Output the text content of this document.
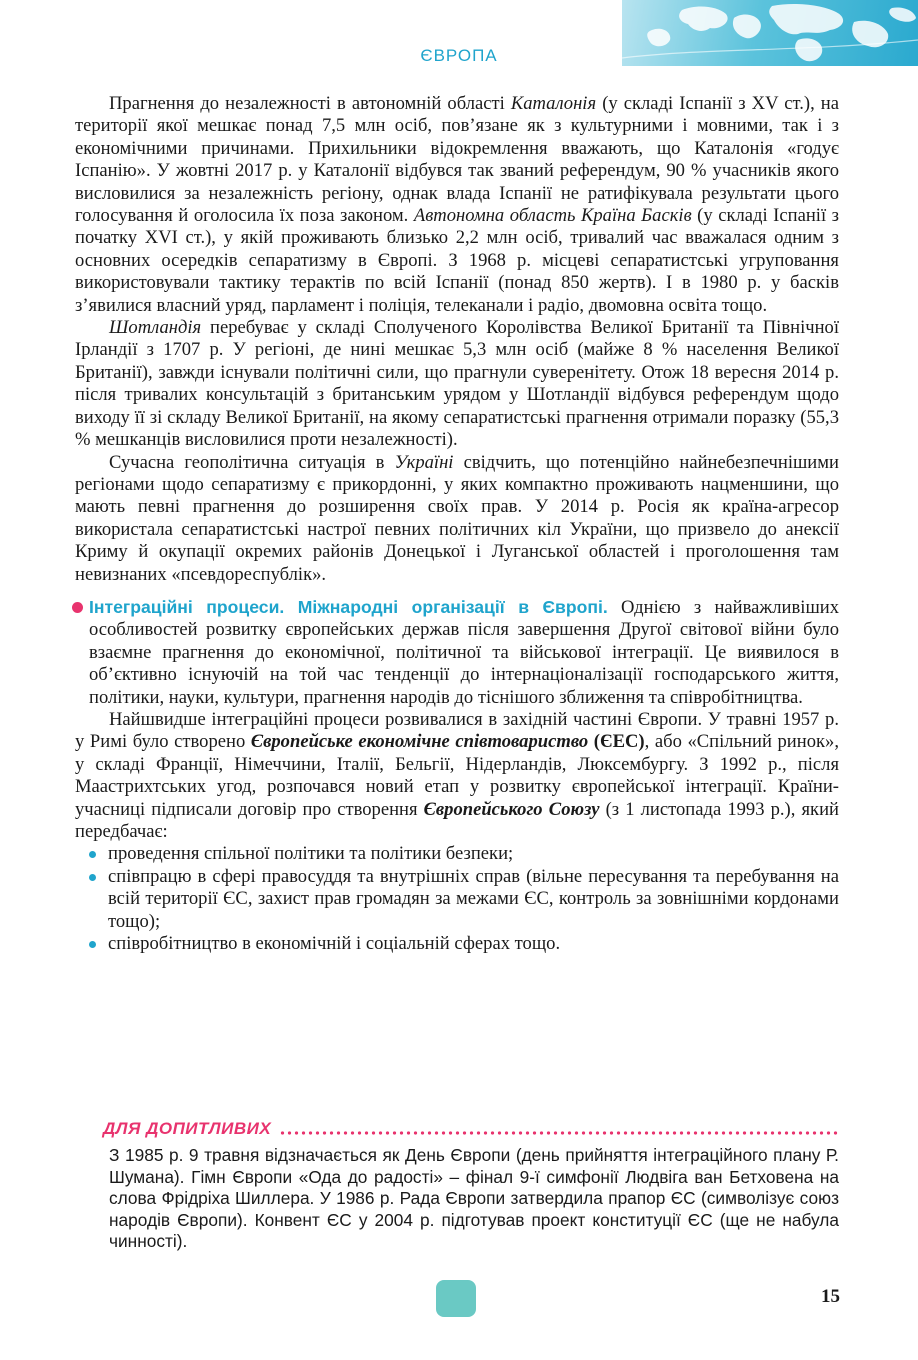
ЄВРОПА

Прагнення до незалежності в автономній області Каталонія (у складі Іспанії з XV ст.), на території якої мешкає понад 7,5 млн осіб, пов’язане як з культурними і мовними, так і з економічними причинами. Прихильники відокремлення вважають, що Каталонія «годує Іспанію». У жовтні 2017 р. у Каталонії відбувся так званий референдум, 90 % учасників якого висловилися за незалежність регіону, однак влада Іспанії не ратифікувала результати цього голосування й оголосила їх поза законом. Автономна область Країна Басків (у складі Іспанії з початку XVI ст.), у якій проживають близько 2,2 млн осіб, тривалий час вважалася одним з основних осередків сепаратизму в Європі. З 1968 р. місцеві сепаратистські угруповання використовували тактику терактів по всій Іспанії (понад 850 жертв). І в 1980 р. у басків з’явилися власний уряд, парламент і поліція, телеканали і радіо, двомовна освіта тощо.

Шотландія перебуває у складі Сполученого Королівства Великої Британії та Північної Ірландії з 1707 р. У регіоні, де нині мешкає 5,3 млн осіб (майже 8 % населення Великої Британії), завжди існували політичні сили, що прагнули суверенітету. Отож 18 вересня 2014 р. після тривалих консультацій з британським урядом у Шотландії відбувся референдум щодо виходу її зі складу Великої Британії, на якому сепаратистські прагнення отримали поразку (55,3 % мешканців висловилися проти незалежності).

Сучасна геополітична ситуація в Україні свідчить, що потенційно найнебезпечнішими регіонами щодо сепаратизму є прикордонні, у яких компактно проживають нацменшини, що мають певні прагнення до розширення своїх прав. У 2014 р. Росія як країна-агресор використала сепаратистські настрої певних політичних кіл України, що призвело до анексії Криму й окупації окремих районів Донецької і Луганської областей і проголошення там невизнаних «псевдореспублік».

Інтеграційні процеси. Міжнародні організації в Європі. Однією з найважливіших особливостей розвитку європейських держав після завершення Другої світової війни було взаємне прагнення до економічної, політичної та військової інтеграції. Це виявилося в об’єктивно існуючій на той час тенденції до інтернаціоналізації господарського життя, політики, науки, культури, прагнення народів до тіснішого зближення та співробітництва.

Найшвидше інтеграційні процеси розвивалися в західній частині Європи. У травні 1957 р. у Римі було створено Європейське економічне співтовариство (ЄЕС), або «Спільний ринок», у складі Франції, Німеччини, Італії, Бельгії, Нідерландів, Люксембургу. З 1992 р., після Маастрихтських угод, розпочався новий етап у розвитку європейської інтеграції. Країни-учасниці підписали договір про створення Європейського Союзу (з 1 листопада 1993 р.), який передбачає:

проведення спільної політики та політики безпеки;
співпрацю в сфері правосуддя та внутрішніх справ (вільне пересування та перебування на всій території ЄС, захист прав громадян за межами ЄС, контроль за зовнішніми кордонами тощо);
співробітництво в економічній і соціальній сферах тощо.
ДЛЯ ДОПИТЛИВИХ

З 1985 р. 9 травня відзначається як День Європи (день прийняття інтеграційного плану Р. Шумана). Гімн Європи «Ода до радості» – фінал 9-ї симфонії Людвіга ван Бетховена на слова Фрідріха Шиллера. У 1986 р. Рада Європи затвердила прапор ЄС (символізує союз народів Європи). Конвент ЄС у 2004 р. підготував проект конституції ЄС (ще не набула чинності).

15
